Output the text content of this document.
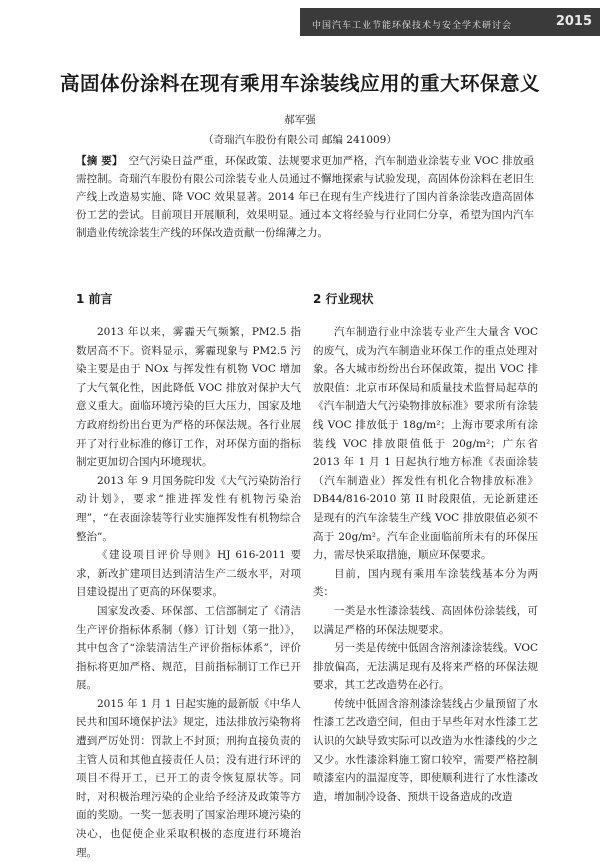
中国汽车工业节能环保技术与安全学术研讨会	2015
高固体份涂料在现有乘用车涂装线应用的重大环保意义
郝军强
（奇瑞汽车股份有限公司 邮编 241009）
【摘 要】 空气污染日益严重，环保政策、法规要求更加严格，汽车制造业涂装专业 VOC 排放亟需控制。奇瑞汽车股份有限公司涂装专业人员通过不懈地探索与试验发现，高固体份涂料在老旧生产线上改造易实施、降 VOC 效果显著。2014 年已在现有生产线进行了国内首条涂装改造高固体份工艺的尝试。目前项目开展顺利，效果明显。通过本文将经验与行业同仁分享，希望为国内汽车制造业传统涂装生产线的环保改造贡献一份绵薄之力。
1 前言

2013 年以来，雾霾天气频繁，PM2.5 指数居高不下。资料显示，雾霾现象与 PM2.5 污染主要是由于 NOx 与挥发性有机物 VOC 增加了大气氧化性，因此降低 VOC 排放对保护大气意义重大。面临环境污染的巨大压力，国家及地方政府纷纷出台更为严格的环保法规。各行业展开了对行业标准的修订工作，对环保方面的指标制定更加切合国内环境现状。

2013 年 9 月国务院印发《大气污染防治行动计划》，要求“推进挥发性有机物污染治理”，“在表面涂装等行业实施挥发性有机物综合整治”。

《建设项目评价导则》HJ 616-2011 要求，新改扩建项目达到清洁生产二级水平，对项目建设提出了更高的环保要求。

国家发改委、环保部、工信部制定了《清洁生产评价指标体系制（修）订计划（第一批）》，其中包含了“涂装清洁生产评价指标体系”，评价指标将更加严格、规范，目前指标制订工作已开展。

2015 年 1 月 1 日起实施的最新版《中华人民共和国环境保护法》规定，违法排放污染物将遭到严厉处罚：罚款上不封顶；刑拘直接负责的主管人员和其他直接责任人员；没有进行环评的项目不得开工，已开工的责令恢复原状等。同时，对积极治理污染的企业给予经济及政策等方面的奖励。一奖一惩表明了国家治理环境污染的决心，也促使企业采取积极的态度进行环境治理。

2 行业现状

汽车制造行业中涂装专业产生大量含 VOC 的废气，成为汽车制造业环保工作的重点处理对象。各大城市纷纷出台环保政策，提出 VOC 排放限值：北京市环保局和质量技术监督局起草的《汽车制造大气污染物排放标准》要求所有涂装线 VOC 排放低于 18g/m²；上海市要求所有涂装线 VOC 排放限值低于 20g/m²；广东省 2013 年 1 月 1 日起执行地方标准《表面涂装（汽车制造业）挥发性有机化合物排放标准》DB44/816-2010 第 II 时段限值，无论新建还是现有的汽车涂装生产线 VOC 排放限值必须不高于 20g/m²。汽车企业面临前所未有的环保压力，需尽快采取措施，顺应环保要求。

目前，国内现有乘用车涂装线基本分为两类：

一类是水性漆涂装线、高固体份涂装线，可以满足严格的环保法规要求。

另一类是传统中低固含溶剂漆涂装线。VOC 排放偏高，无法满足现有及将来严格的环保法规要求，其工艺改造势在必行。

传统中低固含溶剂漆涂装线占少量预留了水性漆工艺改造空间，但由于早些年对水性漆工艺认识的欠缺导致实际可以改造为水性漆线的少之又少。水性漆涂料施工窗口较窄，需要严格控制喷漆室内的温湿度等，即使顺利进行了水性漆改造，增加制冷设备、预烘干设备造成的改造
